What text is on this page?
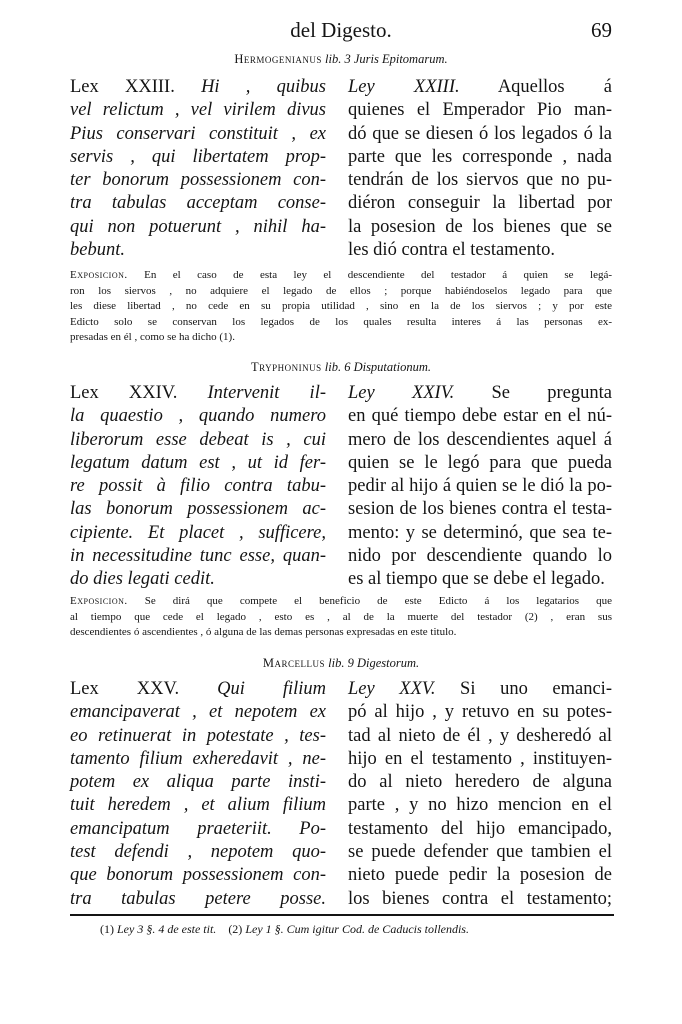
del Digesto.	69
Hermogenianus lib. 3 Juris Epitomarum.
Lex XXIII. Hi , quibus
vel relictum , vel virilem divus
Pius conservari constituit , ex
servis , qui libertatem prop-
ter bonorum possessionem con-
tra tabulas acceptam conse-
qui non potuerunt , nihil ha-
bebunt.
Ley XXIII. Aquellos á
quienes el Emperador Pio man-
dó que se diesen ó los legados ó la
parte que les corresponde , nada
tendrán de los siervos que no pu-
diéron conseguir la libertad por
la posesion de los bienes que se
les dió contra el testamento.
Exposicion. En el caso de esta ley el descendiente del testador á quien se legá-
ron los siervos , no adquiere el legado de ellos ; porque habiéndoselos legado para que
les diese libertad , no cede en su propia utilidad , sino en la de los siervos ; y por este
Edicto solo se conservan los legados de los quales resulta interes á las personas ex-
presadas en él , como se ha dicho (1).
Tryphoninus lib. 6 Disputationum.
Lex XXIV. Intervenit il-
la quaestio , quando numero
liberorum esse debeat is , cui
legatum datum est , ut id fer-
re possit à filio contra tabu-
las bonorum possessionem ac-
cipiente. Et placet , sufficere,
in necessitudine tunc esse, quan-
do dies legati cedit.
Ley XXIV. Se pregunta
en qué tiempo debe estar en el nú-
mero de los descendientes aquel á
quien se le legó para que pueda
pedir al hijo á quien se le dió la po-
sesion de los bienes contra el testa-
mento: y se determinó, que sea te-
nido por descendiente quando lo
es al tiempo que se debe el legado.
Exposicion. Se dirá que compete el beneficio de este Edicto á los legatarios que
al tiempo que cede el legado , esto es , al de la muerte del testador (2) , eran sus
descendientes ó ascendientes , ó alguna de las demas personas expresadas en este titulo.
Marcellus lib. 9 Digestorum.
Lex XXV. Qui filium
emancipaverat , et nepotem ex
eo retinuerat in potestate , tes-
tamento filium exheredavit , ne-
potem ex aliqua parte insti-
tuit heredem , et alium filium
emancipatum praeteriit. Po-
test defendi , nepotem quo-
que bonorum possessionem con-
tra tabulas petere posse.
Ley XXV. Si uno emanci-
pó al hijo , y retuvo en su potes-
tad al nieto de él , y desheredó al
hijo en el testamento , instituyen-
do al nieto heredero de alguna
parte , y no hizo mencion en el
testamento del hijo emancipado,
se puede defender que tambien el
nieto puede pedir la posesion de
los bienes contra el testamento;
(1) Ley 3 §. 4 de este tit. (2) Ley 1 §. Cum igitur Cod. de Caducis tollendis.
